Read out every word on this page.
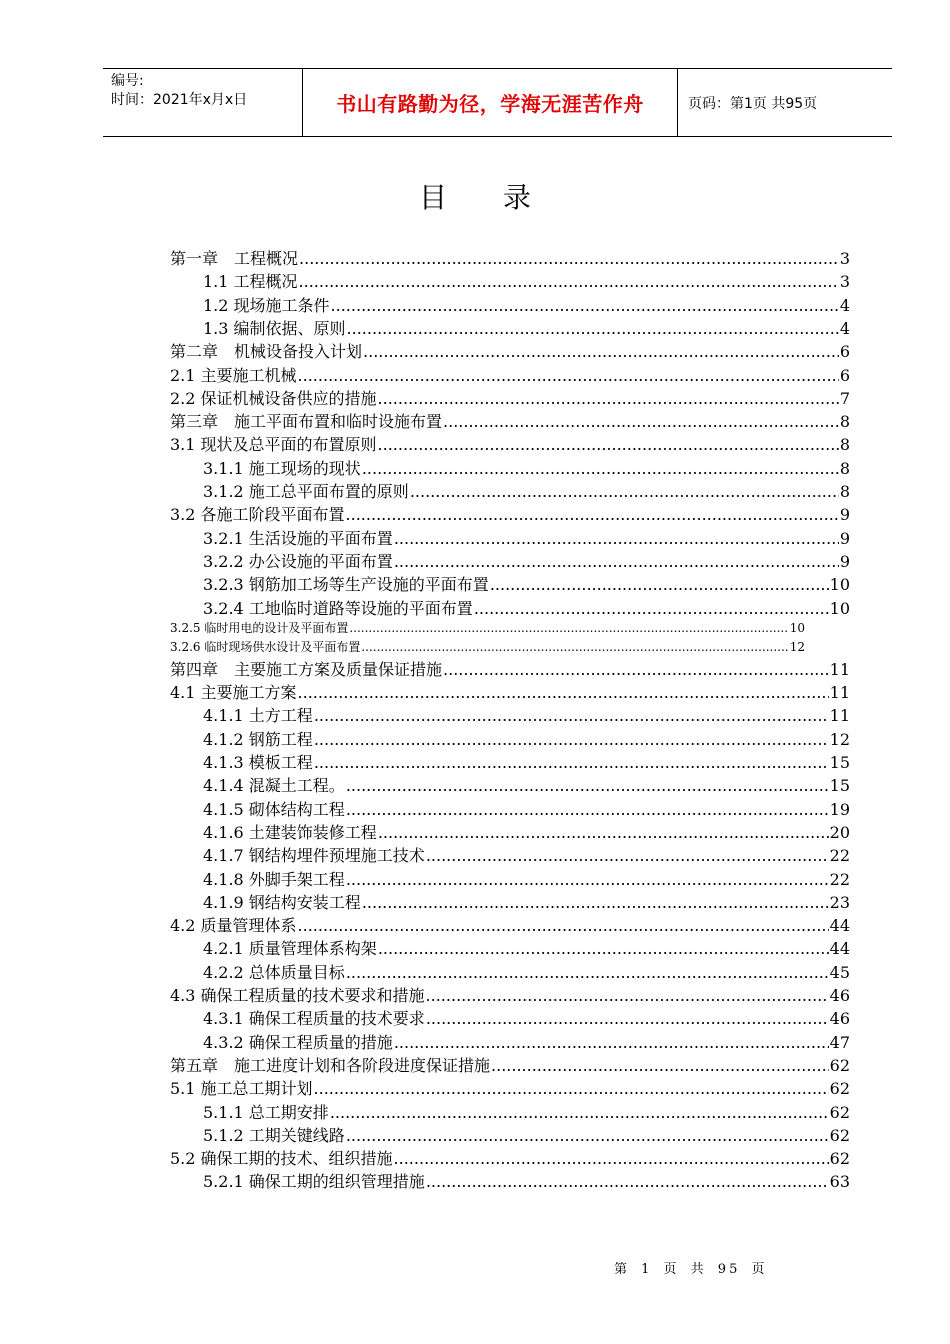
编号:
时间：2021年x月x日	书山有路勤为径，学海无涯苦作舟	页码：第1页 共95页
目录
第一章　工程概况 .....	3
1.1 工程概况 .....	3
1.2 现场施工条件 .....	4
1.3 编制依据、原则 .....	4
第二章　机械设备投入计划 .....	6
2.1 主要施工机械 .....	6
2.2 保证机械设备供应的措施 .....	7
第三章　施工平面布置和临时设施布置 .....	8
3.1 现状及总平面的布置原则 .....	8
3.1.1 施工现场的现状 .....	8
3.1.2 施工总平面布置的原则 .....	8
3.2 各施工阶段平面布置 .....	9
3.2.1 生活设施的平面布置 .....	9
3.2.2 办公设施的平面布置 .....	9
3.2.3 钢筋加工场等生产设施的平面布置 .....	10
3.2.4 工地临时道路等设施的平面布置 .....	10
3.2.5 临时用电的设计及平面布置 .....	10
3.2.6 临时现场供水设计及平面布置 .....	12
第四章　主要施工方案及质量保证措施 .....	11
4.1 主要施工方案 .....	11
4.1.1 土方工程 .....	11
4.1.2 钢筋工程 .....	12
4.1.3 模板工程 .....	15
4.1.4 混凝土工程。 .....	15
4.1.5 砌体结构工程 .....	19
4.1.6 土建装饰装修工程 .....	20
4.1.7 钢结构埋件预埋施工技术 .....	22
4.1.8 外脚手架工程 .....	22
4.1.9 钢结构安装工程 .....	23
4.2 质量管理体系 .....	44
4.2.1 质量管理体系构架 .....	44
4.2.2 总体质量目标 .....	45
4.3 确保工程质量的技术要求和措施 .....	46
4.3.1 确保工程质量的技术要求 .....	46
4.3.2 确保工程质量的措施 .....	47
第五章　施工进度计划和各阶段进度保证措施 .....	62
5.1 施工总工期计划 .....	62
5.1.1 总工期安排 .....	62
5.1.2 工期关键线路 .....	62
5.2 确保工期的技术、组织措施 .....	62
5.2.1 确保工期的组织管理措施 .....	63
第 1 页 共 95 页
